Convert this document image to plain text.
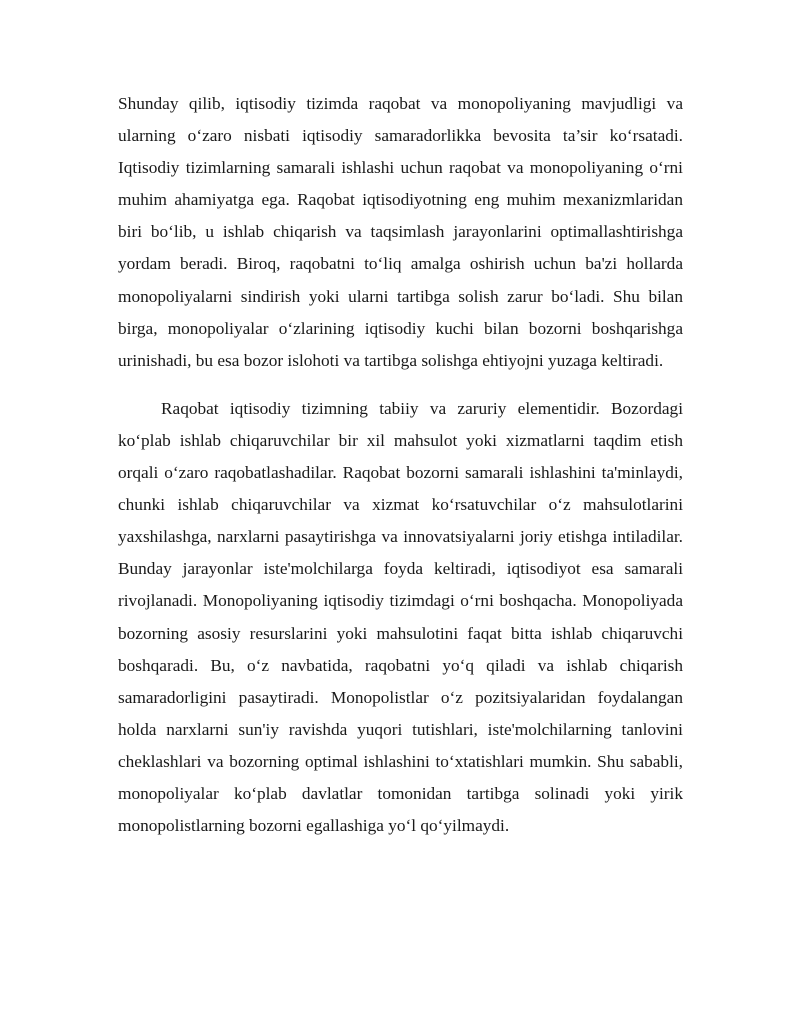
Shunday qilib, iqtisodiy tizimda raqobat va monopoliyaning mavjudligi va ularning o‘zaro nisbati iqtisodiy samaradorlikka bevosita ta’sir ko‘rsatadi. Iqtisodiy tizimlarning samarali ishlashi uchun raqobat va monopoliyaning o‘rni muhim ahamiyatga ega. Raqobat iqtisodiyotning eng muhim mexanizmlaridan biri bo‘lib, u ishlab chiqarish va taqsimlash jarayonlarini optimallashtirishga yordam beradi. Biroq, raqobatni to‘liq amalga oshirish uchun ba'zi hollarda monopoliyalarni sindirish yoki ularni tartibga solish zarur bo‘ladi. Shu bilan birga, monopoliyalar o‘zlarining iqtisodiy kuchi bilan bozorni boshqarishga urinishadi, bu esa bozor islohoti va tartibga solishga ehtiyojni yuzaga keltiradi.

Raqobat iqtisodiy tizimning tabiiy va zaruriy elementidir. Bozordagi ko‘plab ishlab chiqaruvchilar bir xil mahsulot yoki xizmatlarni taqdim etish orqali o‘zaro raqobatlashadilar. Raqobat bozorni samarali ishlashini ta'minlaydi, chunki ishlab chiqaruvchilar va xizmat ko‘rsatuvchilar o‘z mahsulotlarini yaxshilashga, narxlarni pasaytirishga va innovatsiyalarni joriy etishga intiladilar. Bunday jarayonlar iste'molchilarga foyda keltiradi, iqtisodiyot esa samarali rivojlanadi. Monopoliyaning iqtisodiy tizimdagi o‘rni boshqacha. Monopoliyada bozorning asosiy resurslarini yoki mahsulotini faqat bitta ishlab chiqaruvchi boshqaradi. Bu, o‘z navbatida, raqobatni yo‘q qiladi va ishlab chiqarish samaradorligini pasaytiradi. Monopolistlar o‘z pozitsiyalaridan foydalangan holda narxlarni sun'iy ravishda yuqori tutishlari, iste'molchilarning tanlovini cheklashlari va bozorning optimal ishlashini to‘xtatishlari mumkin. Shu sababli, monopoliyalar ko‘plab davlatlar tomonidan tartibga solinadi yoki yirik monopolistlarning bozorni egallashiga yo‘l qo‘yilmaydi.
